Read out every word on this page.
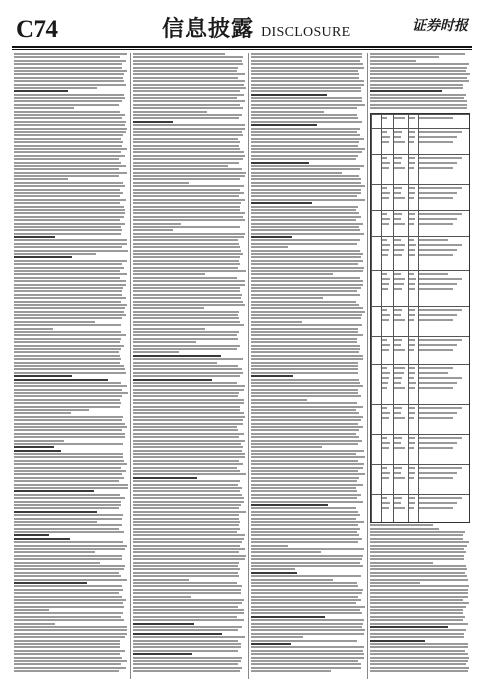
C74	信息披露 DISCLOSURE	证券时报
